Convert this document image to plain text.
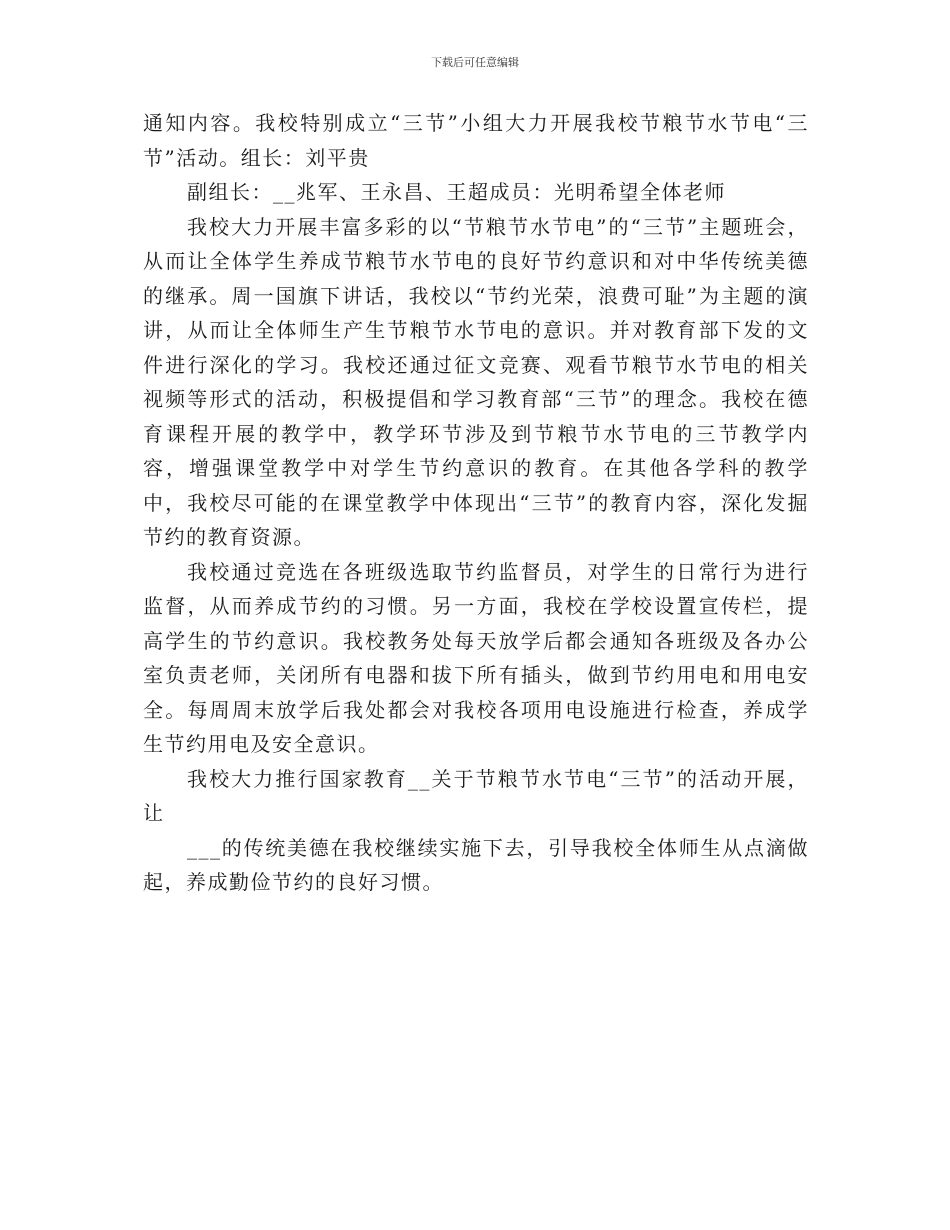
下载后可任意编辑

通知内容。我校特别成立“三节”小组大力开展我校节粮节水节电“三节”活动。组长：刘平贵

副组长：__兆军、王永昌、王超成员：光明希望全体老师

我校大力开展丰富多彩的以“节粮节水节电”的“三节”主题班会，从而让全体学生养成节粮节水节电的良好节约意识和对中华传统美德的继承。周一国旗下讲话，我校以“节约光荣，浪费可耻”为主题的演讲，从而让全体师生产生节粮节水节电的意识。并对教育部下发的文件进行深化的学习。我校还通过征文竞赛、观看节粮节水节电的相关视频等形式的活动，积极提倡和学习教育部“三节”的理念。我校在德育课程开展的教学中，教学环节涉及到节粮节水节电的三节教学内容，增强课堂教学中对学生节约意识的教育。在其他各学科的教学中，我校尽可能的在课堂教学中体现出“三节”的教育内容，深化发掘节约的教育资源。

我校通过竞选在各班级选取节约监督员，对学生的日常行为进行监督，从而养成节约的习惯。另一方面，我校在学校设置宣传栏，提高学生的节约意识。我校教务处每天放学后都会通知各班级及各办公室负责老师，关闭所有电器和拔下所有插头，做到节约用电和用电安全。每周周末放学后我处都会对我校各项用电设施进行检查，养成学生节约用电及安全意识。

我校大力推行国家教育__关于节粮节水节电“三节”的活动开展，让

___的传统美德在我校继续实施下去，引导我校全体师生从点滴做起，养成勤俭节约的良好习惯。
